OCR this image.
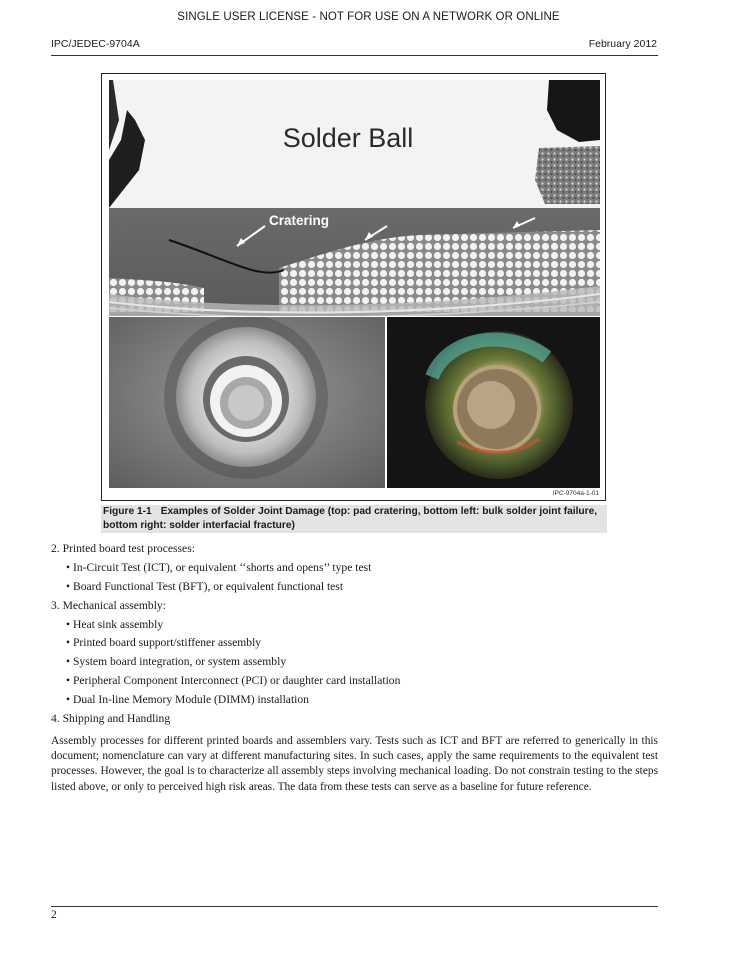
SINGLE USER LICENSE - NOT FOR USE ON A NETWORK OR ONLINE
IPC/JEDEC-9704A	February 2012
Solder Ball
Cratering
IPC-9704a-1-01
Figure 1-1 Examples of Solder Joint Damage (top: pad cratering, bottom left: bulk solder joint failure, bottom right: solder interfacial fracture)
2. Printed board test processes:
• In-Circuit Test (ICT), or equivalent ‘‘shorts and opens’’ type test
• Board Functional Test (BFT), or equivalent functional test
3. Mechanical assembly:
• Heat sink assembly
• Printed board support/stiffener assembly
• System board integration, or system assembly
• Peripheral Component Interconnect (PCI) or daughter card installation
• Dual In-line Memory Module (DIMM) installation
4. Shipping and Handling
Assembly processes for different printed boards and assemblers vary. Tests such as ICT and BFT are referred to generically in this document; nomenclature can vary at different manufacturing sites. In such cases, apply the same requirements to the equivalent test processes. However, the goal is to characterize all assembly steps involving mechanical loading. Do not constrain testing to the steps listed above, or only to perceived high risk areas. The data from these tests can serve as a baseline for future reference.
2
